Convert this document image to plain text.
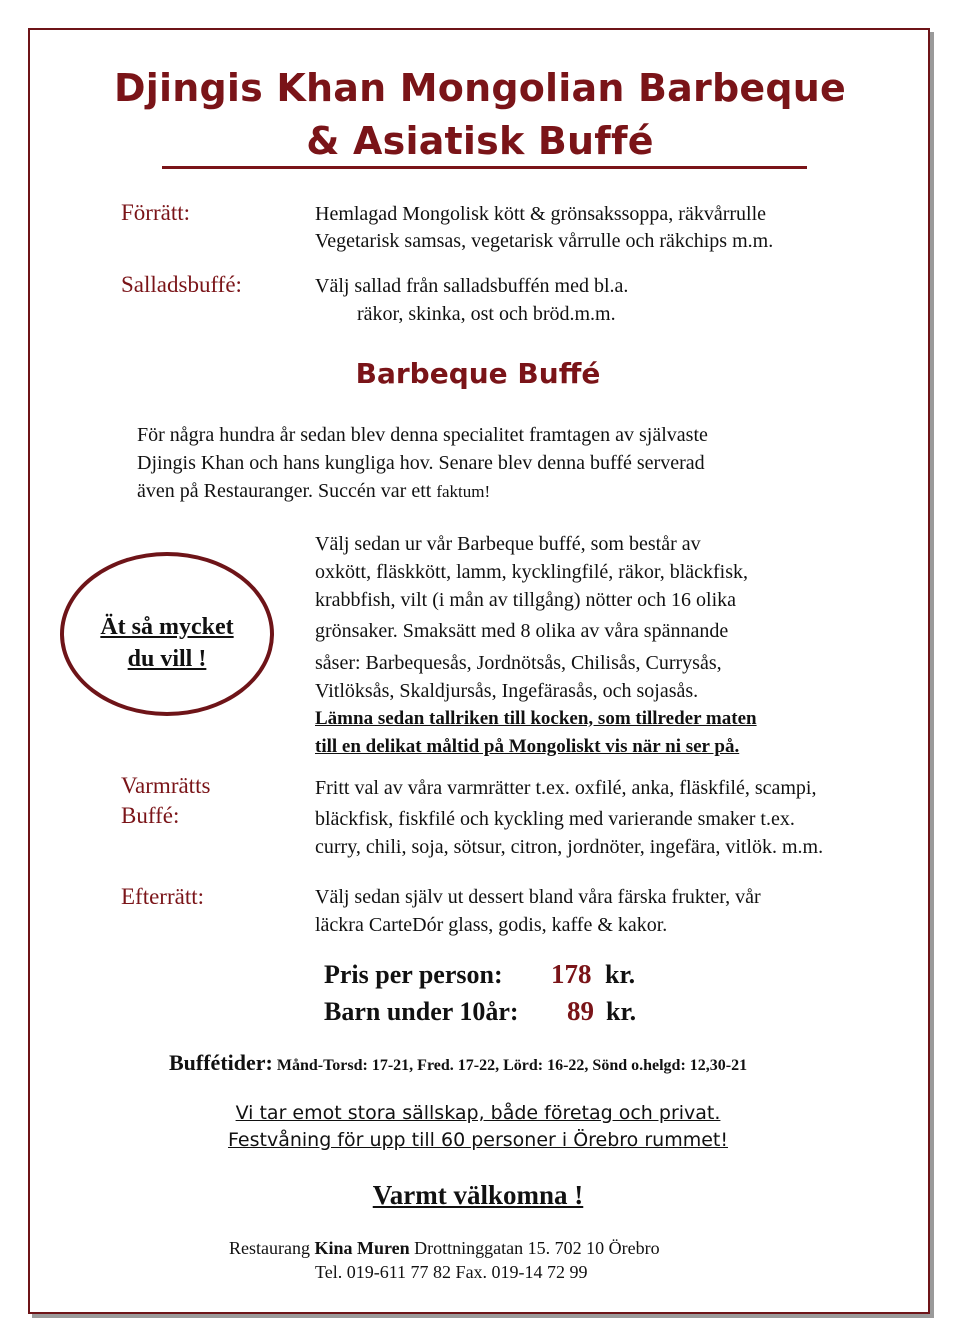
Djingis Khan Mongolian Barbeque
& Asiatisk Buffé
Förrätt:	Hemlagad Mongolisk kött & grönsakssoppa, räkvårrulle
Vegetarisk samsas, vegetarisk vårrulle och räkchips m.m.
Salladsbuffé:	Välj sallad från salladsbuffén med bl.a.
räkor, skinka, ost och bröd.m.m.
Barbeque Buffé
För några hundra år sedan blev denna specialitet framtagen av självaste
Djingis Khan och hans kungliga hov. Senare blev denna buffé serverad
även på Restauranger. Succén var ett faktum!
Ät så mycket
du vill !
Välj sedan ur vår Barbeque buffé, som består av
oxkött, fläskkött, lamm, kycklingfilé, räkor, bläckfisk,
krabbfish, vilt (i mån av tillgång) nötter och 16 olika
grönsaker. Smaksätt med 8 olika av våra spännande
såser: Barbequesås, Jordnötsås, Chilisås, Currysås,
Vitlöksås, Skaldjursås, Ingefärasås, och sojasås.
Lämna sedan tallriken till kocken, som tillreder maten
till en delikat måltid på Mongoliskt vis när ni ser på.
Varmrätts
Buffé:
Fritt val av våra varmrätter t.ex. oxfilé, anka, fläskfilé, scampi,
bläckfisk, fiskfilé och kyckling med varierande smaker t.ex.
curry, chili, soja, sötsur, citron, jordnöter, ingefära, vitlök. m.m.
Efterrätt:	Välj sedan själv ut dessert bland våra färska frukter, vår
läckra CarteDór glass, godis, kaffe & kakor.
Pris per person: 178 kr.
Barn under 10år: 89 kr.
Buffétider: Månd-Torsd: 17-21, Fred. 17-22, Lörd: 16-22, Sönd o.helgd: 12,30-21
Vi tar emot stora sällskap, både företag och privat.
Festvåning för upp till 60 personer i Örebro rummet!
Varmt välkomna !
Restaurang Kina Muren Drottninggatan 15. 702 10 Örebro
Tel. 019-611 77 82 Fax. 019-14 72 99
